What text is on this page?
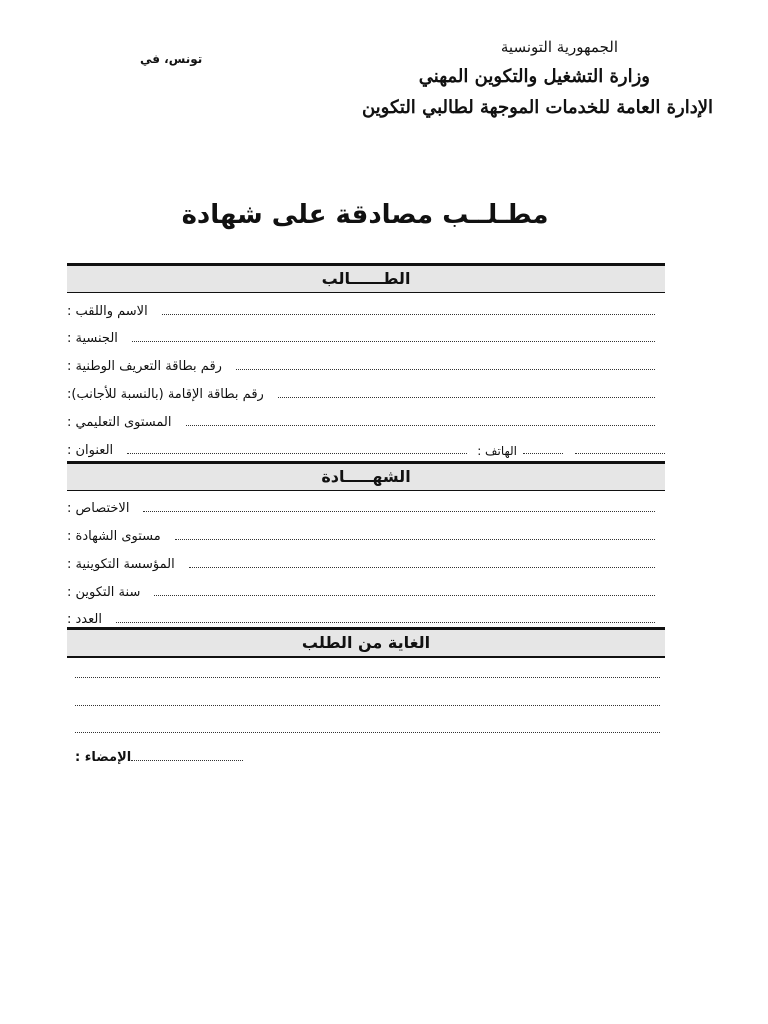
الجمهورية التونسية
وزارة التشغيل والتكوين المهني
الإدارة العامة للخدمات الموجهة لطالبي التكوين
تونس، في
مطـلــب مصادقة على شهادة
الطــــــالب
الاسم واللقب :
الجنسية :
رقم بطاقة التعريف الوطنية :
رقم بطاقة الإقامة (بالنسبة للأجانب):
المستوى التعليمي :
العنوان :	الهاتف :
الشهـــــادة
الاختصاص :
مستوى الشهادة :
المؤسسة التكوينية :
سنة التكوين :
العدد :
الغاية من الطلب
الإمضاء :
